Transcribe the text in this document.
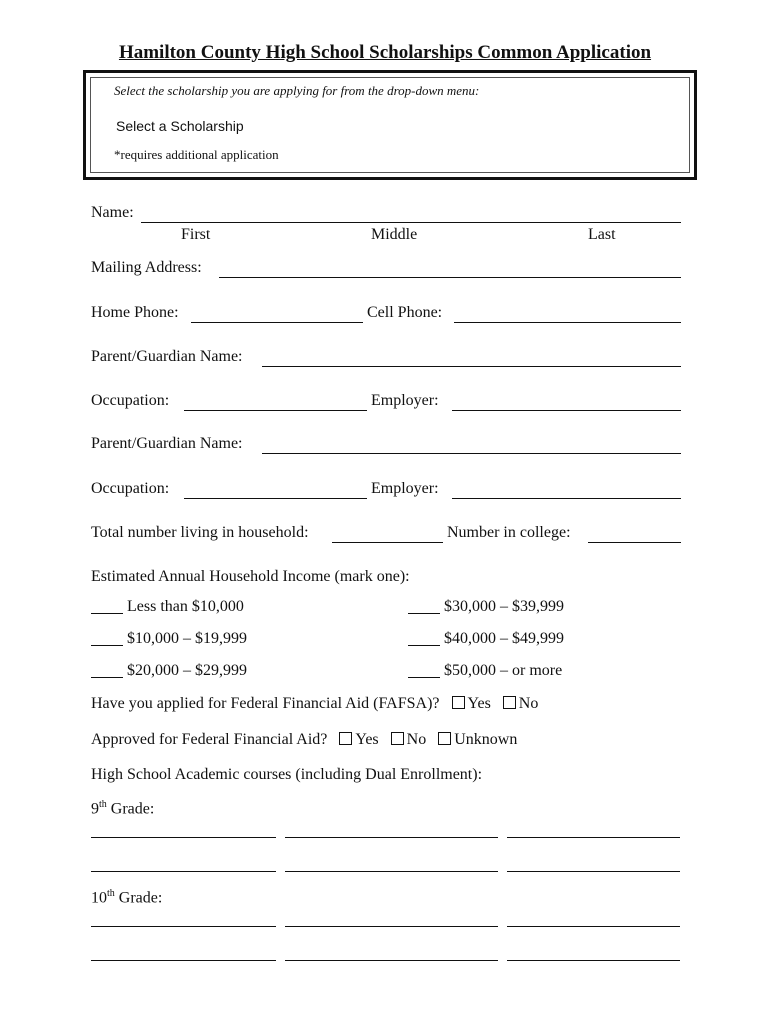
Hamilton County High School Scholarships Common Application
Select the scholarship you are applying for from the drop-down menu:
Select a Scholarship
*requires additional application
Name:
First	Middle	Last
Mailing Address:
Home Phone:	Cell Phone:
Parent/Guardian Name:
Occupation:	Employer:
Parent/Guardian Name:
Occupation:	Employer:
Total number living in household:	Number in college:
Estimated Annual Household Income (mark one):
Less than $10,000
$10,000 – $19,999
$20,000 – $29,999
$30,000 – $39,999
$40,000 – $49,999
$50,000 – or more
Have you applied for Federal Financial Aid (FAFSA)? Yes No
Approved for Federal Financial Aid? Yes No Unknown
High School Academic courses (including Dual Enrollment):
9th Grade:
10th Grade:
